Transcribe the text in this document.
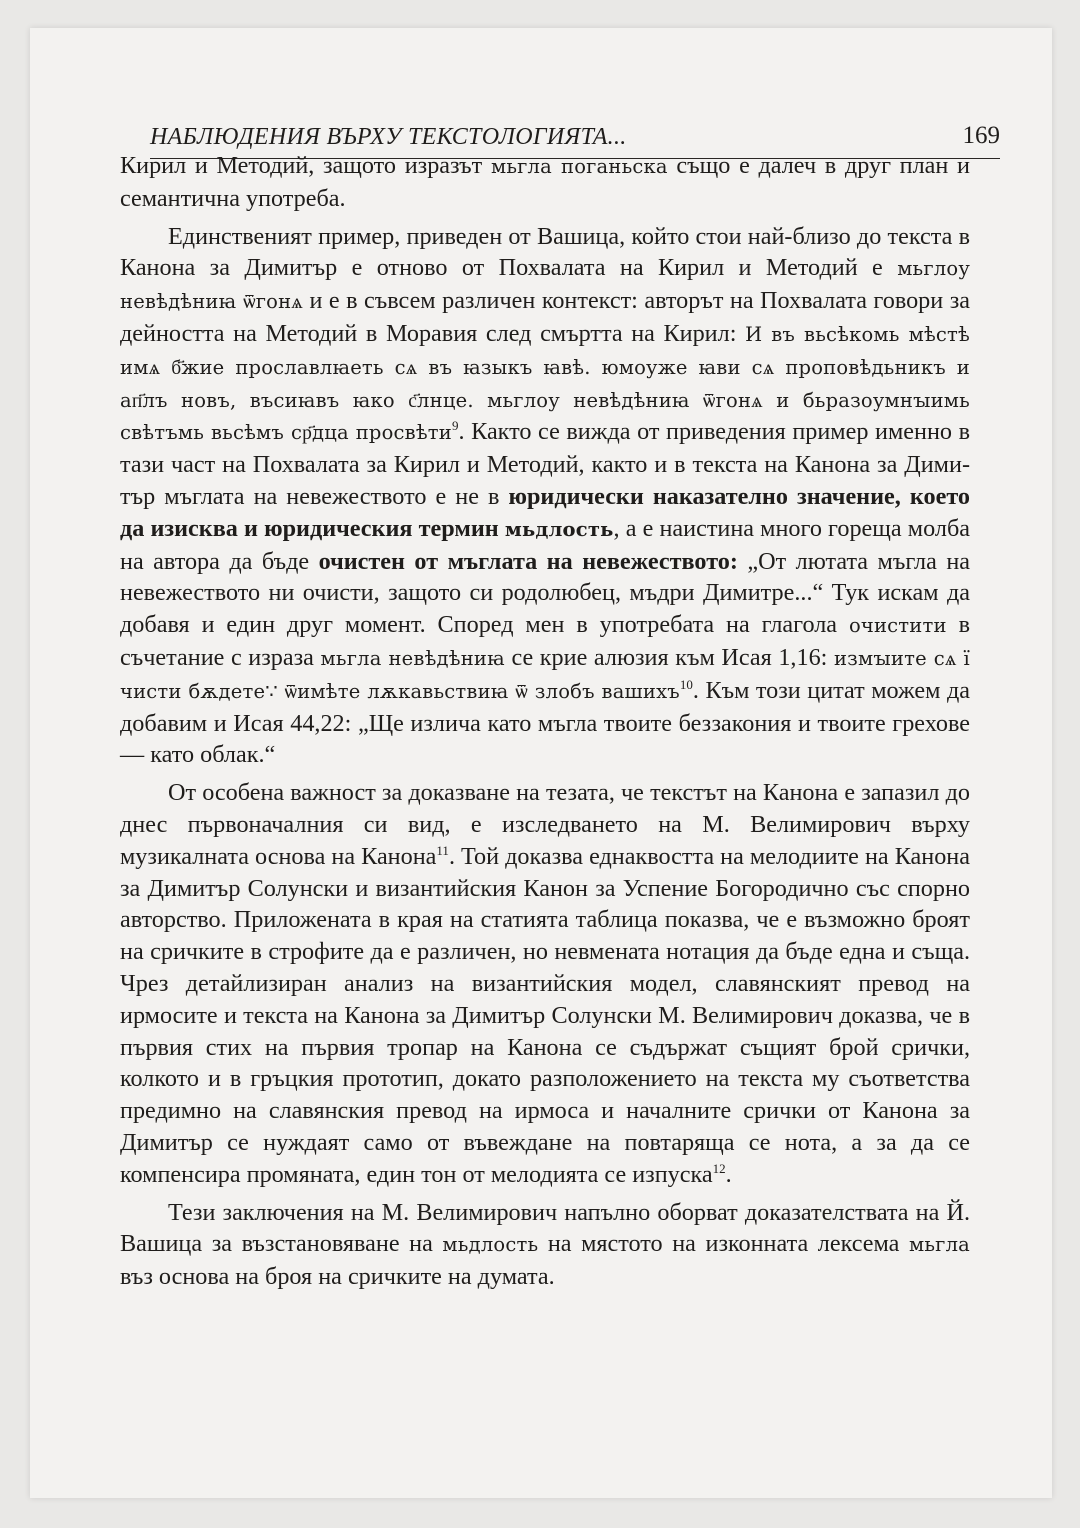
НАБЛЮДЕНИЯ ВЪРХУ ТЕКСТОЛОГИЯТА...	169

Кирил и Методий, защото изразът мьгла поганьска също е далеч в друг план и семантична употреба.

Единственият пример, приведен от Вашица, който стои най-близо до текста в Канона за Димитър е отново от Похвалата на Кирил и Методий е мьглоу невѣдѣниꙗ ѿгонѧ и е в съвсем различен контекст: авторът на Похвалата говори за дейността на Методий в Моравия след смъртта на Кирил: И въ вьсѣкомь мѣстѣ имѧ б҃жие прославлꙗеть сѧ въ ꙗзыкъ ꙗвѣ. юмоуже ꙗви сѧ проповѣдьникъ и ап҃лъ новъ, въсиꙗвъ ꙗко с҃лнце. мьглоу невѣдѣниꙗ ѿгонѧ и бьразоумнꙑимь свѣтъмь вьсѣмъ ср҃дца просвѣти$^9$. Както се вижда от приведения пример именно в тази част на Похвалата за Кирил и Методий, както и в текста на Канона за Димитър мъглата на невежеството е не в юридически наказателно значение, което да изисква и юридическия термин мьдлость, а е наистина много гореща молба на автора да бъде очистен от мъглата на невежеството: „От лютата мъгла на невежеството ни очисти, защото си родолюбец, мъдри Димитре...“ Тук искам да добавя и един друг момент. Според мен в употребата на глагола очистити в съчетание с израза мьгла невѣдѣниꙗ се крие алюзия към Исая 1,16: измꙑите сѧ ї чисти бѫдете∵ ѿимѣте лѫкавьствиꙗ ѿ злобъ вашихъ$^{10}$. Към този цитат можем да добавим и Исая 44,22: „Ще излича като мъгла твоите беззакония и твоите грехове — като облак.“

От особена важност за доказване на тезата, че текстът на Канона е запазил до днес първоначалния си вид, е изследването на М. Велимирович върху музикалната основа на Канона$^{11}$. Той доказва еднаквостта на мелодиите на Канона за Димитър Солунски и византийския Канон за Успение Богородично със спорно авторство. Приложената в края на статията таблица показва, че е възможно броят на сричките в строфите да е различен, но невмената нотация да бъде една и съща. Чрез детайлизиран анализ на византийския модел, славянският превод на ирмосите и текста на Канона за Димитър Солунски М. Велимирович доказва, че в първия стих на първия тропар на Канона се съдържат същият брой срички, колкото и в гръцкия прототип, докато разположението на текста му съответства предимно на славянския превод на ирмоса и началните срички от Канона за Димитър се нуждаят само от въвеждане на повтаряща се нота, а за да се компенсира промяната, един тон от мелодията се изпуска$^{12}$.

Тези заключения на М. Велимирович напълно оборват доказателствата на Й. Вашица за възстановяване на мьдлость на мястото на изконната лексема мьгла въз основа на броя на сричките на думата.
